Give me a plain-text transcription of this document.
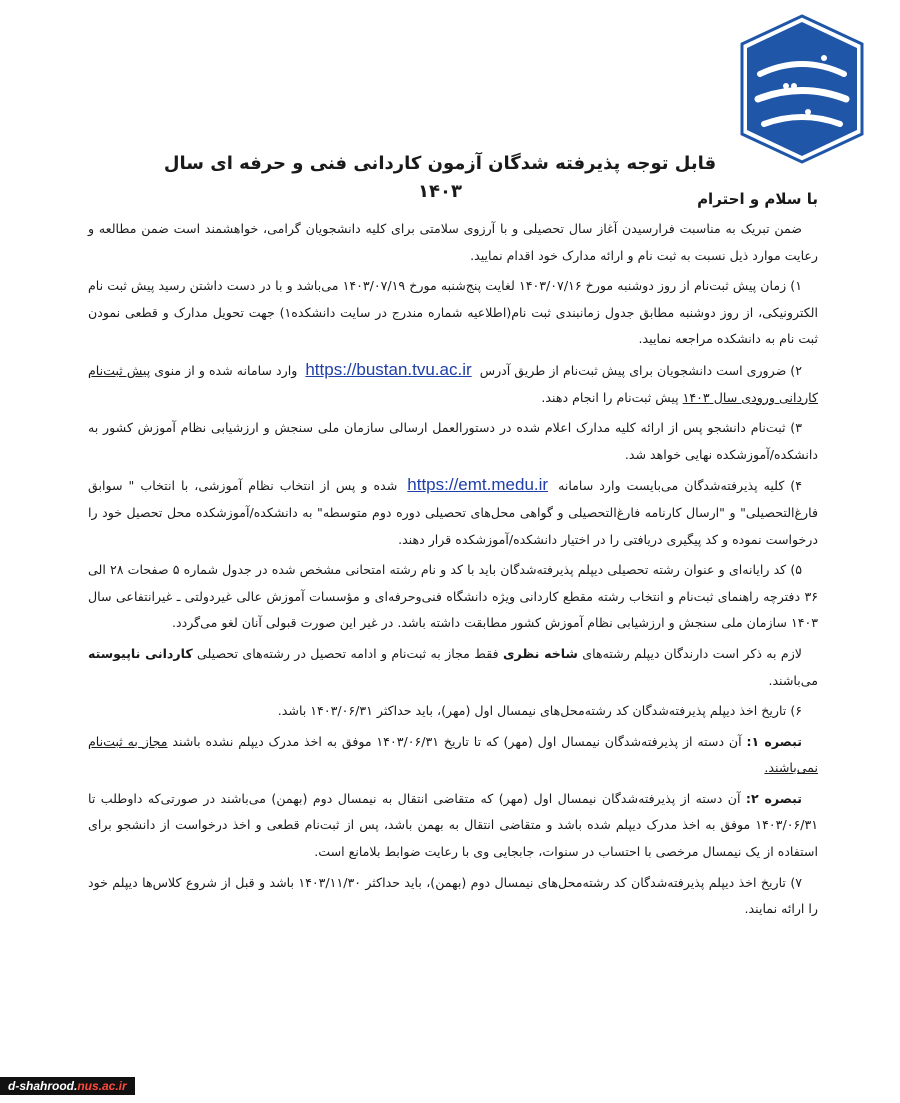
قابل توجه پذیرفته شدگان آزمون کاردانی فنی و حرفه ای سال ۱۴۰۳	با سلام و احترام

ضمن تبریک به مناسبت فرارسیدن آغاز سال تحصیلی و با آرزوی سلامتی برای کلیه دانشجویان گرامی، خواهشمند است ضمن مطالعه و رعایت موارد ذیل نسبت به ثبت نام و ارائه مدارک خود اقدام نمایید.

۱) زمان پیش ثبت‌نام از روز دوشنبه مورخ ۱۴۰۳/۰۷/۱۶ لغایت پنج‌شنبه مورخ ۱۴۰۳/۰۷/۱۹ می‌باشد و با در دست داشتن رسید پیش ثبت نام الکترونیکی، از روز دوشنبه مطابق جدول زمانبندی ثبت نام(اطلاعیه شماره مندرج در سایت دانشکده۱) جهت تحویل مدارک و قطعی نمودن ثبت نام به دانشکده مراجعه نمایید.

۲) ضروری است دانشجویان برای پیش ثبت‌نام از طریق آدرس https://bustan.tvu.ac.ir وارد سامانه شده و از منوی پیش ثبت‌نام کاردانی ورودی سال ۱۴۰۳ پیش ثبت‌نام را انجام دهند.

۳) ثبت‌نام دانشجو پس از ارائه کلیه مدارک اعلام شده در دستورالعمل ارسالی سازمان ملی سنجش و ارزشیابی نظام آموزش کشور به دانشکده/آموزشکده نهایی خواهد شد.

۴) کلیه پذیرفته‌شدگان می‌بایست وارد سامانه https://emt.medu.ir شده و پس از انتخاب نظام آموزشی، با انتخاب " سوابق فارغ‌التحصیلی" و "ارسال کارنامه فارغ‌التحصیلی و گواهی محل‌های تحصیلی دوره دوم متوسطه" به دانشکده/آموزشکده محل تحصیل خود را درخواست نموده و کد پیگیری دریافتی را در اختیار دانشکده/آموزشکده قرار دهند.

۵) کد رایانه‌ای و عنوان رشته تحصیلی دیپلم پذیرفته‌شدگان باید با کد و نام رشته امتحانی مشخص شده در جدول شماره ۵ صفحات ۲۸ الی ۳۶ دفترچه راهنمای ثبت‌نام و انتخاب رشته مقطع کاردانی ویژه دانشگاه فنی‌وحرفه‌ای و مؤسسات آموزش عالی غیردولتی ـ غیرانتفاعی سال ۱۴۰۳ سازمان ملی سنجش و ارزشیابی نظام آموزش کشور مطابقت داشته باشد. در غیر این صورت قبولی آنان لغو می‌گردد.

لازم به ذکر است دارندگان دیپلم رشته‌های شاخه نظری فقط مجاز به ثبت‌نام و ادامه تحصیل در رشته‌های تحصیلی کاردانی ناپیوسته می‌باشند.

۶) تاریخ اخذ دیپلم پذیرفته‌شدگان کد رشته‌محل‌های نیمسال اول (مهر)، باید حداکثر ۱۴۰۳/۰۶/۳۱ باشد.

تبصره ۱: آن دسته از پذیرفته‌شدگان نیمسال اول (مهر) که تا تاریخ ۱۴۰۳/۰۶/۳۱ موفق به اخذ مدرک دیپلم نشده باشند مجاز به ثبت‌نام نمی‌باشند.

تبصره ۲: آن دسته از پذیرفته‌شدگان نیمسال اول (مهر) که متقاضی انتقال به نیمسال دوم (بهمن) می‌باشند در صورتی‌که داوطلب تا ۱۴۰۳/۰۶/۳۱ موفق به اخذ مدرک دیپلم شده باشد و متقاضی انتقال به بهمن باشد، پس از ثبت‌نام قطعی و اخذ درخواست از دانشجو برای استفاده از یک نیمسال مرخصی با احتساب در سنوات، جابجایی وی با رعایت ضوابط بلامانع است.

۷) تاریخ اخذ دیپلم پذیرفته‌شدگان کد رشته‌محل‌های نیمسال دوم (بهمن)، باید حداکثر ۱۴۰۳/۱۱/۳۰ باشد و قبل از شروع کلاس‌ها دیپلم خود را ارائه نمایند.

d-shahrood.nus.ac.ir
